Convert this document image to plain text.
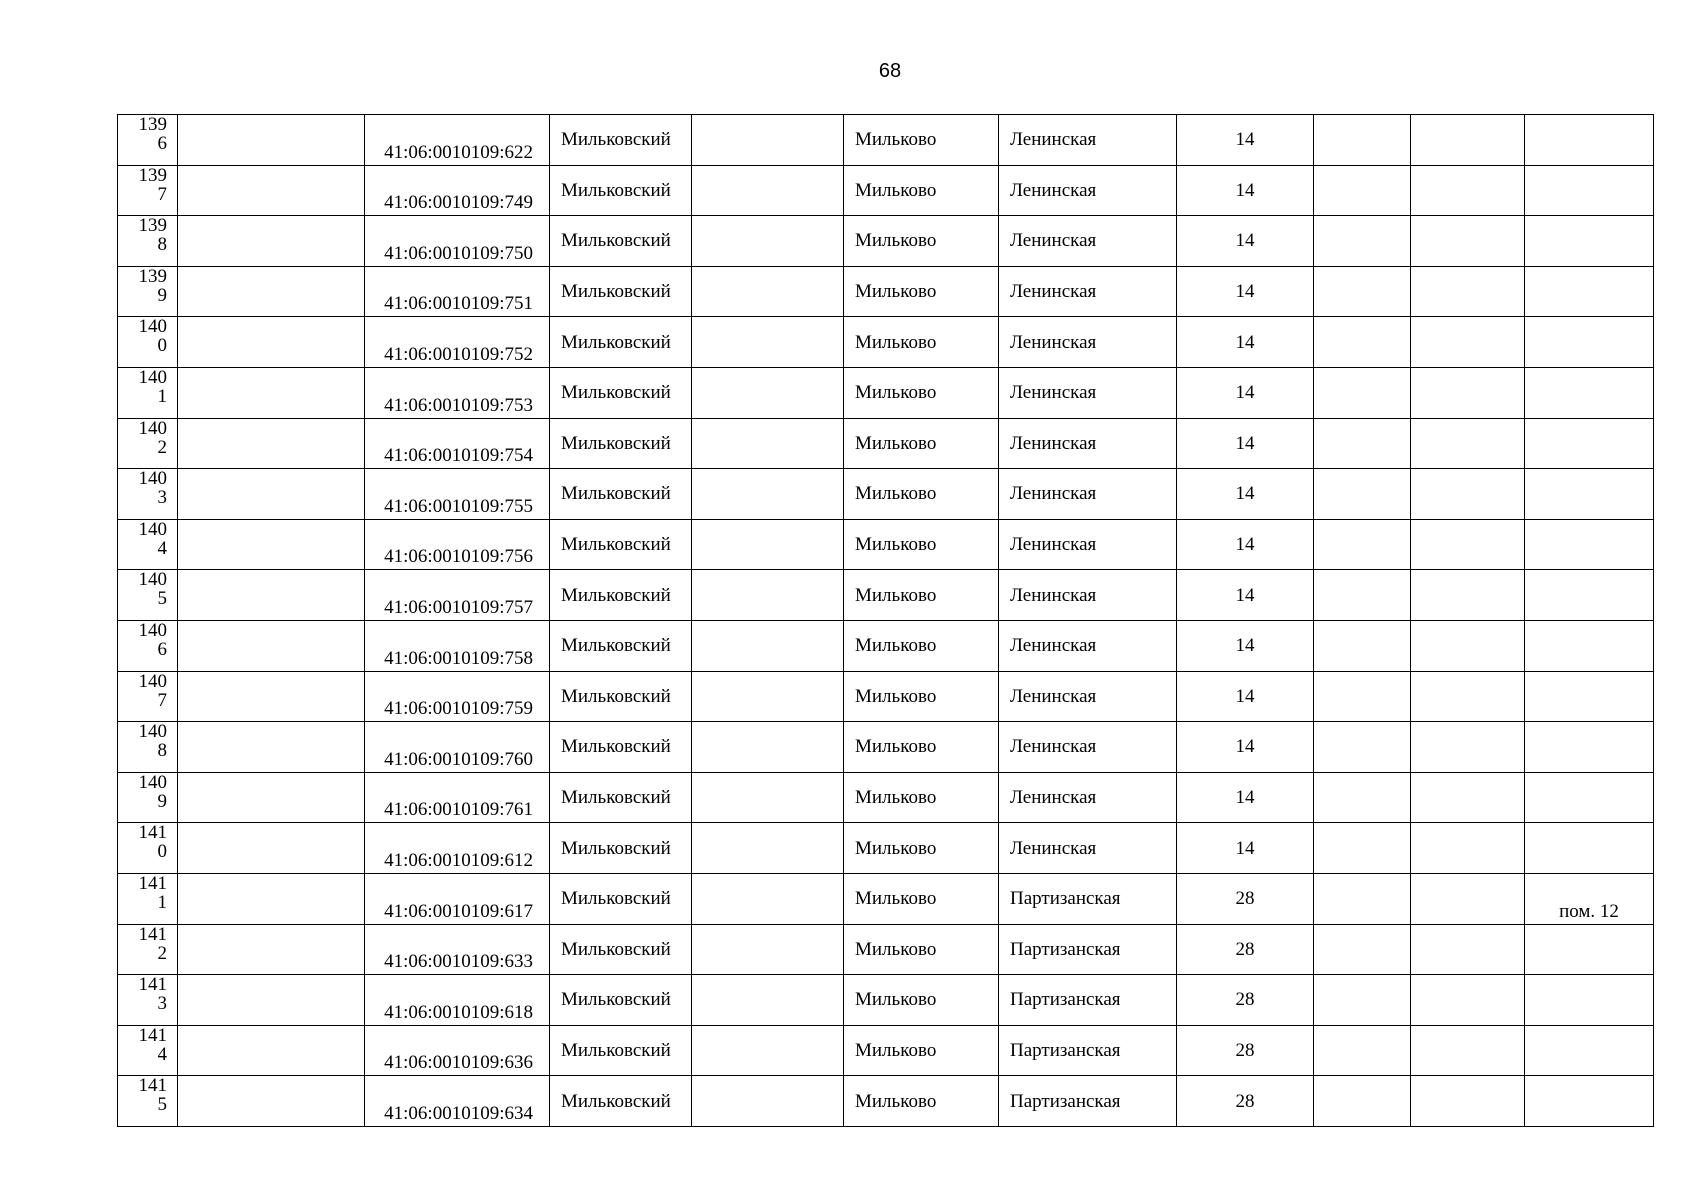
68
139
6		41:06:0010109:622	Мильковский		Мильково	Ленинская	14			

139
7		41:06:0010109:749	Мильковский		Мильково	Ленинская	14			

139
8		41:06:0010109:750	Мильковский		Мильково	Ленинская	14			

139
9		41:06:0010109:751	Мильковский		Мильково	Ленинская	14			

140
0		41:06:0010109:752	Мильковский		Мильково	Ленинская	14			

140
1		41:06:0010109:753	Мильковский		Мильково	Ленинская	14			

140
2		41:06:0010109:754	Мильковский		Мильково	Ленинская	14			

140
3		41:06:0010109:755	Мильковский		Мильково	Ленинская	14			

140
4		41:06:0010109:756	Мильковский		Мильково	Ленинская	14			

140
5		41:06:0010109:757	Мильковский		Мильково	Ленинская	14			

140
6		41:06:0010109:758	Мильковский		Мильково	Ленинская	14			

140
7		41:06:0010109:759	Мильковский		Мильково	Ленинская	14			

140
8		41:06:0010109:760	Мильковский		Мильково	Ленинская	14			

140
9		41:06:0010109:761	Мильковский		Мильково	Ленинская	14			

141
0		41:06:0010109:612	Мильковский		Мильково	Ленинская	14			

141
1		41:06:0010109:617	Мильковский		Мильково	Партизанская	28			пом. 12

141
2		41:06:0010109:633	Мильковский		Мильково	Партизанская	28			

141
3		41:06:0010109:618	Мильковский		Мильково	Партизанская	28			

141
4		41:06:0010109:636	Мильковский		Мильково	Партизанская	28			

141
5		41:06:0010109:634	Мильковский		Мильково	Партизанская	28			
